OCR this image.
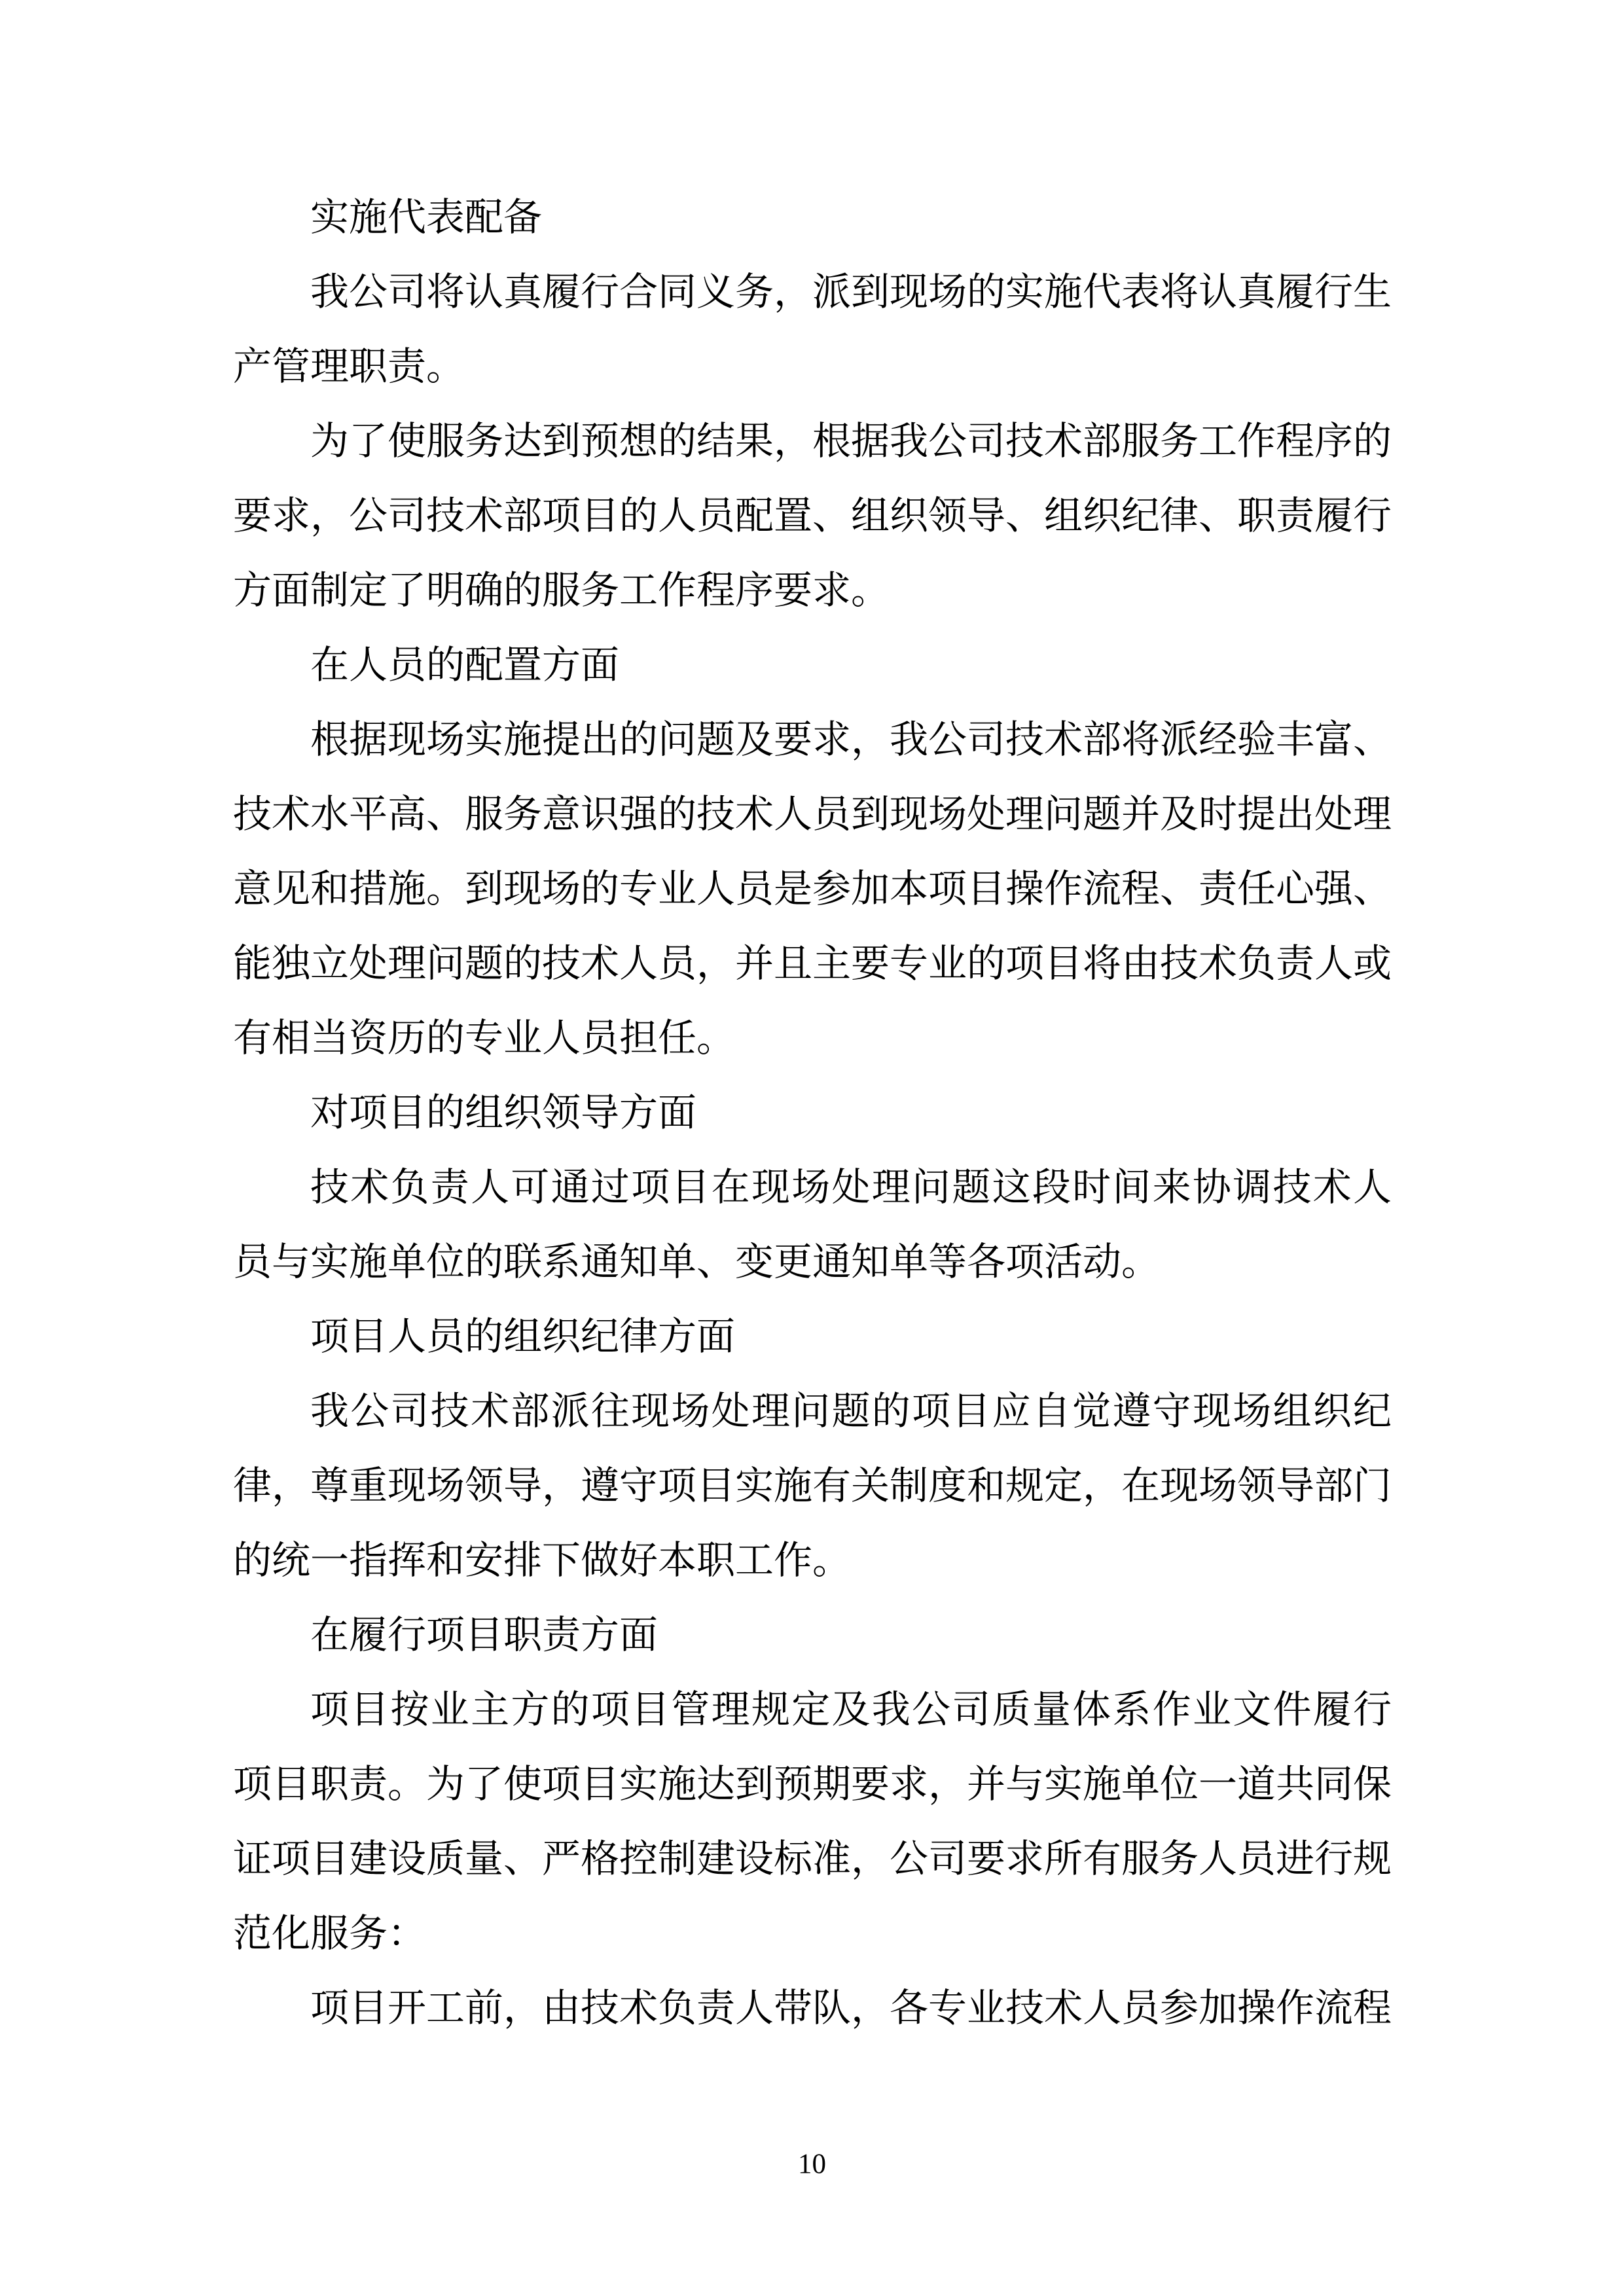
实施代表配备
我公司将认真履行合同义务，派到现场的实施代表将认真履行生
产管理职责。
为了使服务达到预想的结果，根据我公司技术部服务工作程序的
要求，公司技术部项目的人员配置、组织领导、组织纪律、职责履行
方面制定了明确的服务工作程序要求。
在人员的配置方面
根据现场实施提出的问题及要求，我公司技术部将派经验丰富、
技术水平高、服务意识强的技术人员到现场处理问题并及时提出处理
意见和措施。到现场的专业人员是参加本项目操作流程、责任心强、
能独立处理问题的技术人员，并且主要专业的项目将由技术负责人或
有相当资历的专业人员担任。
对项目的组织领导方面
技术负责人可通过项目在现场处理问题这段时间来协调技术人
员与实施单位的联系通知单、变更通知单等各项活动。
项目人员的组织纪律方面
我公司技术部派往现场处理问题的项目应自觉遵守现场组织纪
律，尊重现场领导，遵守项目实施有关制度和规定，在现场领导部门
的统一指挥和安排下做好本职工作。
在履行项目职责方面
项目按业主方的项目管理规定及我公司质量体系作业文件履行
项目职责。为了使项目实施达到预期要求，并与实施单位一道共同保
证项目建设质量、严格控制建设标准，公司要求所有服务人员进行规
范化服务：
项目开工前，由技术负责人带队，各专业技术人员参加操作流程
10
